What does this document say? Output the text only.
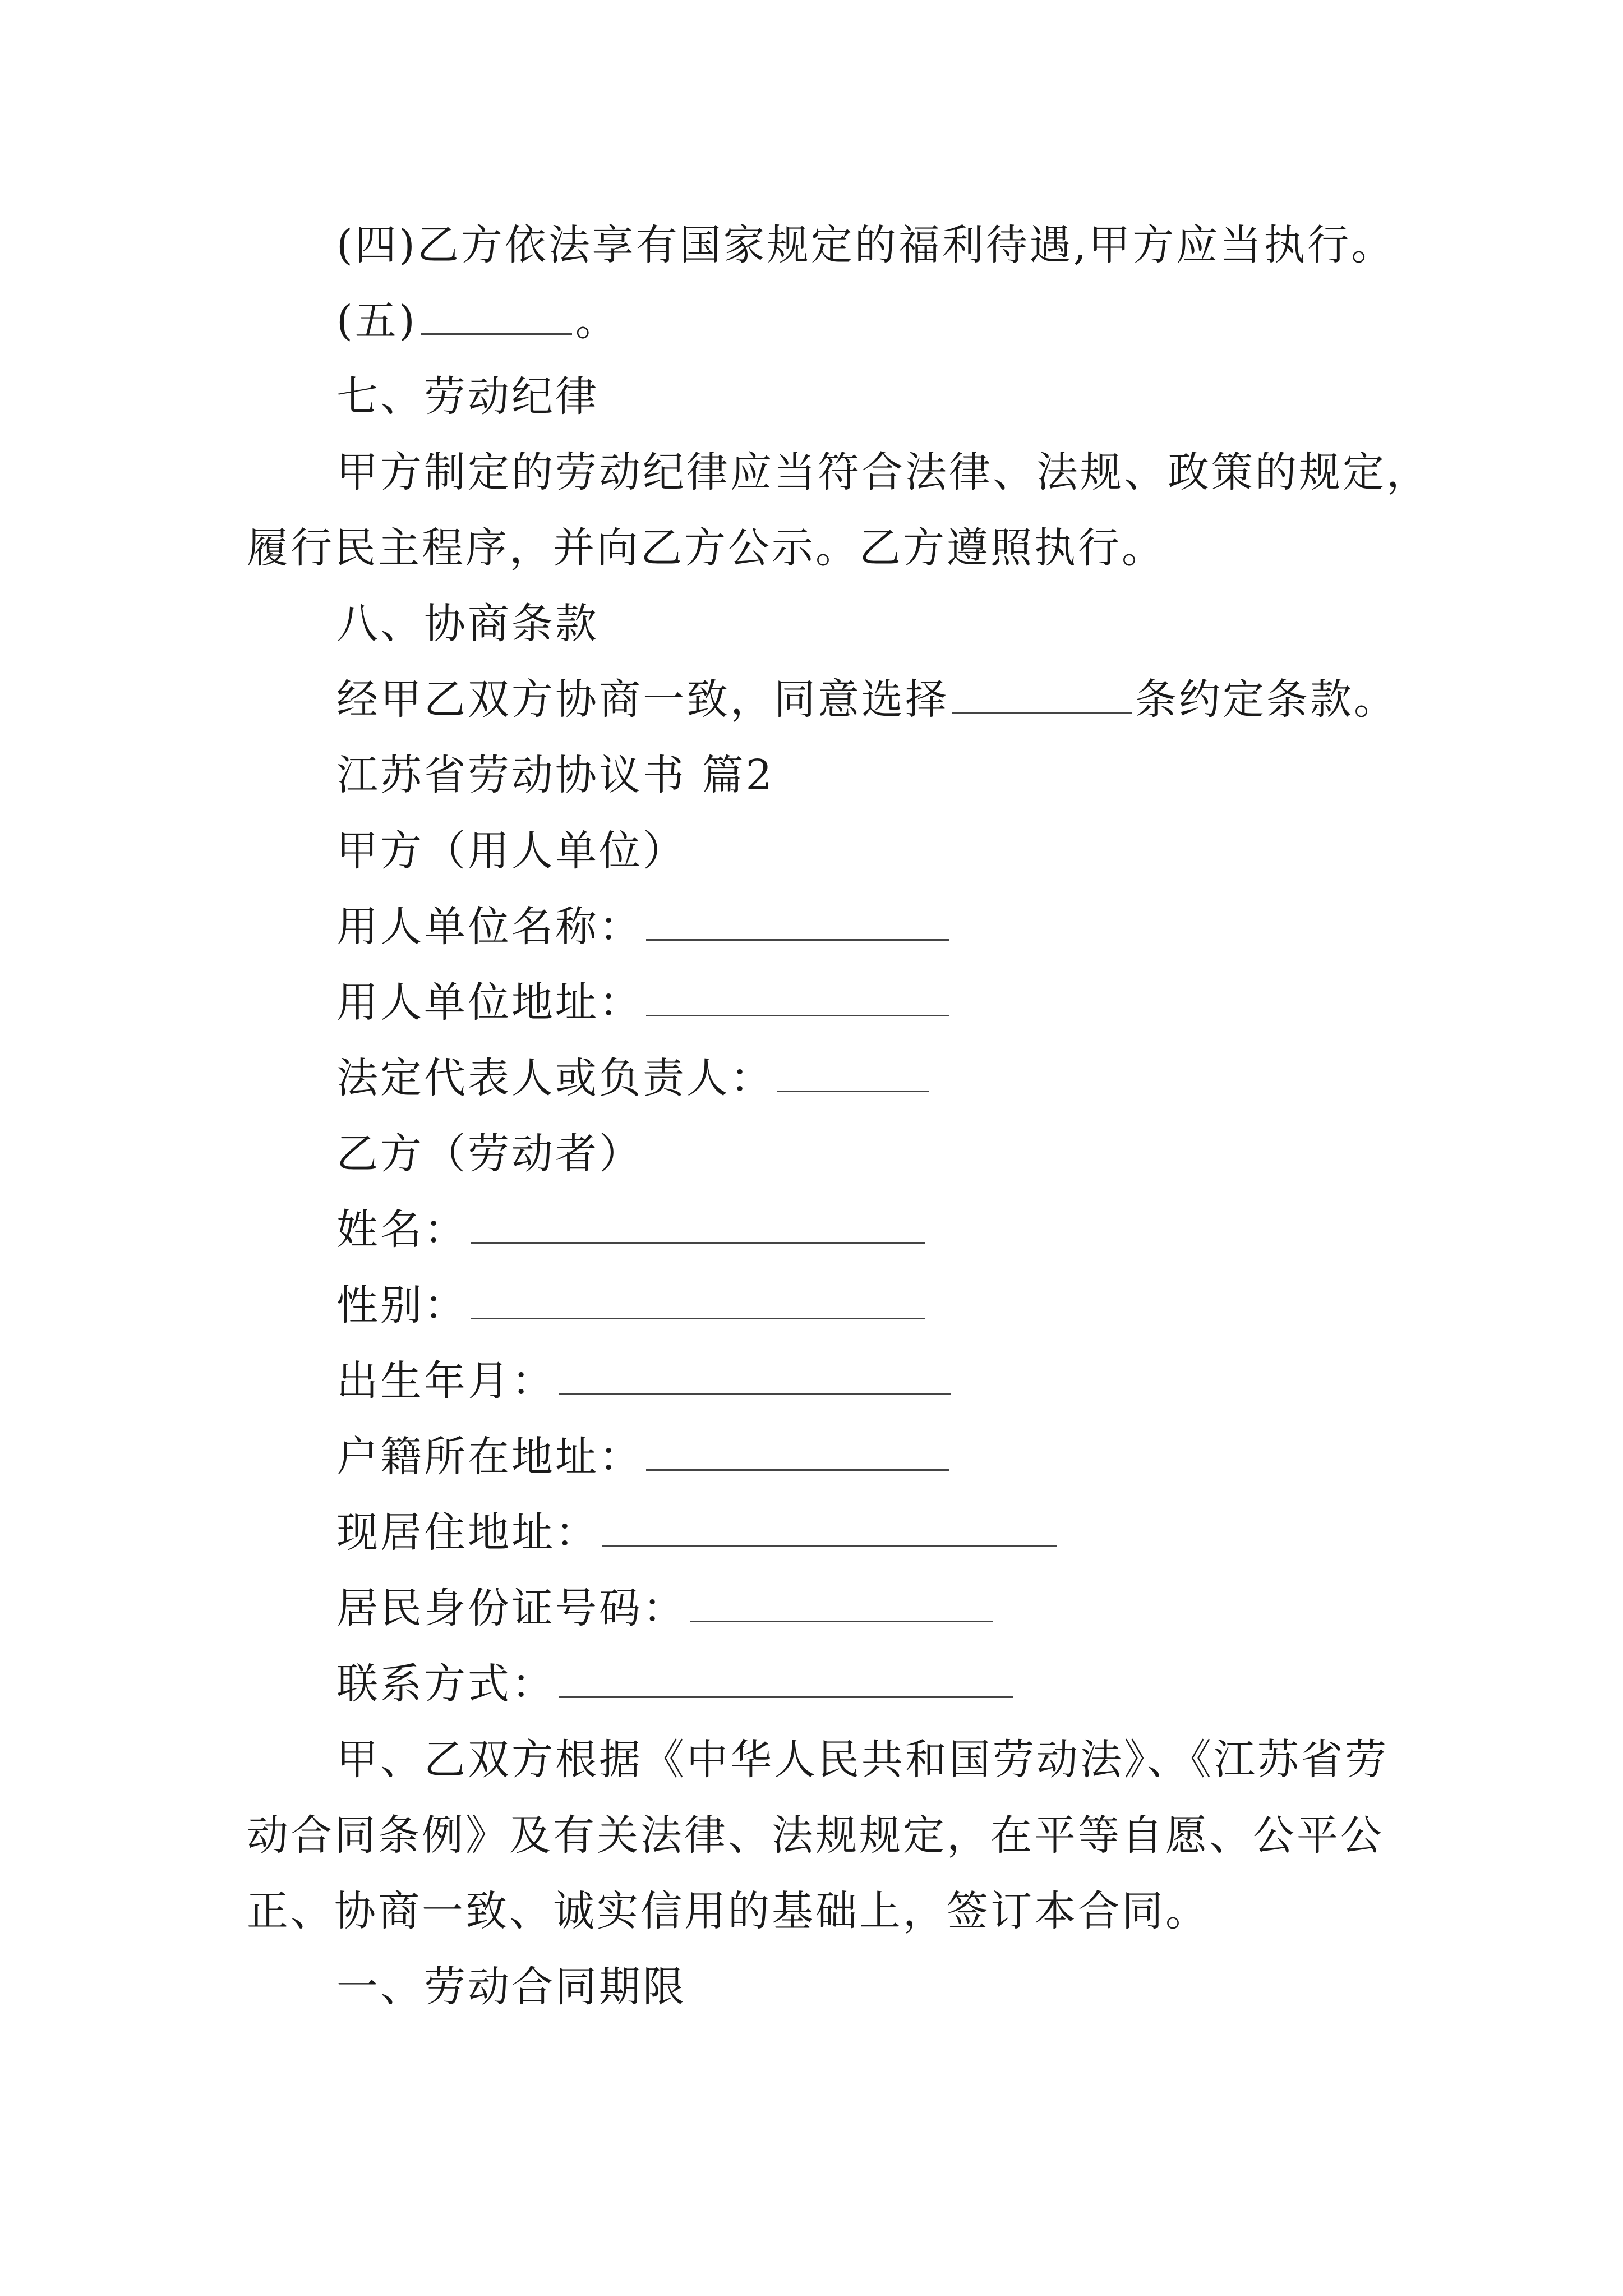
(四)乙方依法享有国家规定的福利待遇,甲方应当执行。
(五)	。
七、劳动纪律
甲方制定的劳动纪律应当符合法律、法规、政策的规定，
履行民主程序，并向乙方公示。乙方遵照执行。
八、协商条款
经甲乙双方协商一致，同意选择	条约定条款。
江苏省劳动协议书 篇2
甲方（用人单位）
用人单位名称：
用人单位地址：
法定代表人或负责人：
乙方（劳动者）
姓名：
性别：
出生年月：
户籍所在地址：
现居住地址：
居民身份证号码：
联系方式：
甲、乙双方根据《中华人民共和国劳动法》、《江苏省劳
动合同条例》及有关法律、法规规定，在平等自愿、公平公
正、协商一致、诚实信用的基础上，签订本合同。
一、劳动合同期限
